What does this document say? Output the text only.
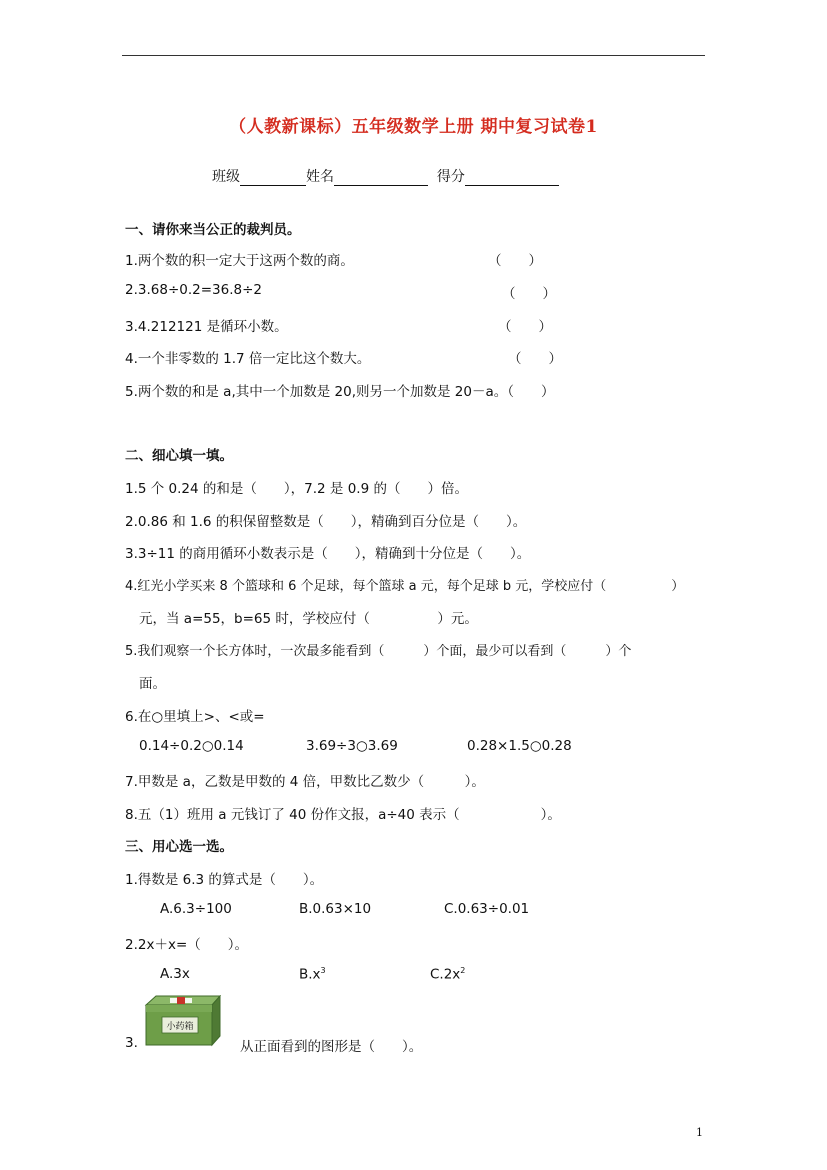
（人教新课标）五年级数学上册 期中复习试卷1
班级	姓名	得分
一、请你来当公正的裁判员。
1.两个数的积一定大于这两个数的商。	（　　）
2.3.68÷0.2=36.8÷2	（　　）
3.4.212121 是循环小数。	（　　）
4.一个非零数的 1.7 倍一定比这个数大。	（　　）
5.两个数的和是 a,其中一个加数是 20,则另一个加数是 20－a。（　　）
二、细心填一填。
1.5 个 0.24 的和是（　　），7.2 是 0.9 的（　　）倍。
2.0.86 和 1.6 的积保留整数是（　　），精确到百分位是（　　）。
3.3÷11 的商用循环小数表示是（　　），精确到十分位是（　　）。
4.红光小学买来 8 个篮球和 6 个足球，每个篮球 a 元，每个足球 b 元，学校应付（　　　　　）
元，当 a=55，b=65 时，学校应付（　　　　　）元。
5.我们观察一个长方体时，一次最多能看到（　　　）个面，最少可以看到（　　　）个
面。
6.在○里填上>、<或=
0.14÷0.2○0.14	3.69÷3○3.69	0.28×1.5○0.28
7.甲数是 a，乙数是甲数的 4 倍，甲数比乙数少（　　　）。
8.五（1）班用 a 元钱订了 40 份作文报，a÷40 表示（　　　　　　）。
三、用心选一选。
1.得数是 6.3 的算式是（　　）。
A.6.3÷100	B.0.63×10	C.0.63÷0.01
2.2x＋x=（　　）。
A.3x	$B.x^3$	$C.2x^2$
小药箱
3.	从正面看到的图形是（　　）。
1
